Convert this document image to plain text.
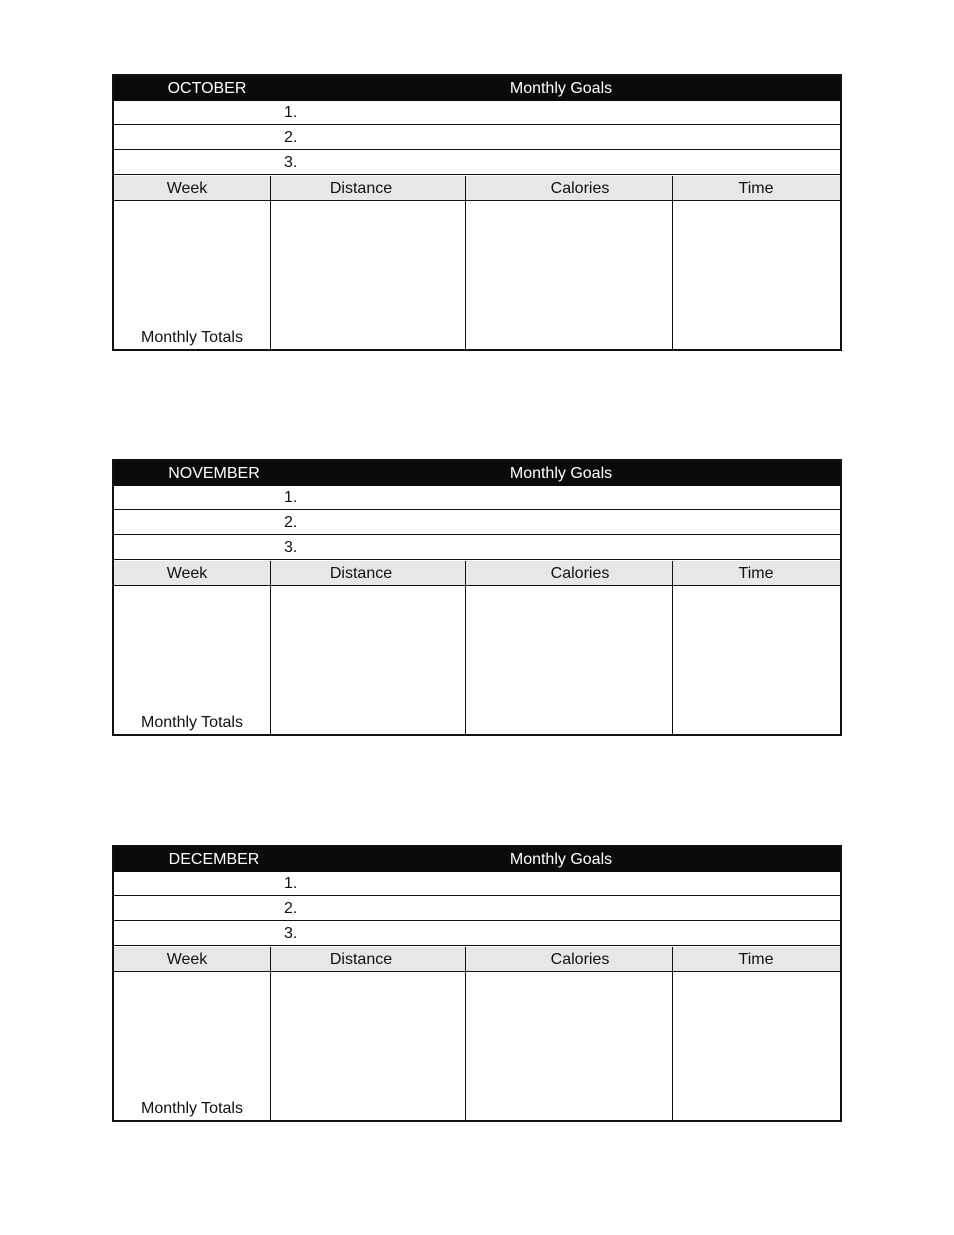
OCTOBER	Monthly Goals
1.
2.
3.
Week	Distance	Calories	Time
Monthly Totals
NOVEMBER	Monthly Goals
1.
2.
3.
Week	Distance	Calories	Time
Monthly Totals
DECEMBER	Monthly Goals
1.
2.
3.
Week	Distance	Calories	Time
Monthly Totals
